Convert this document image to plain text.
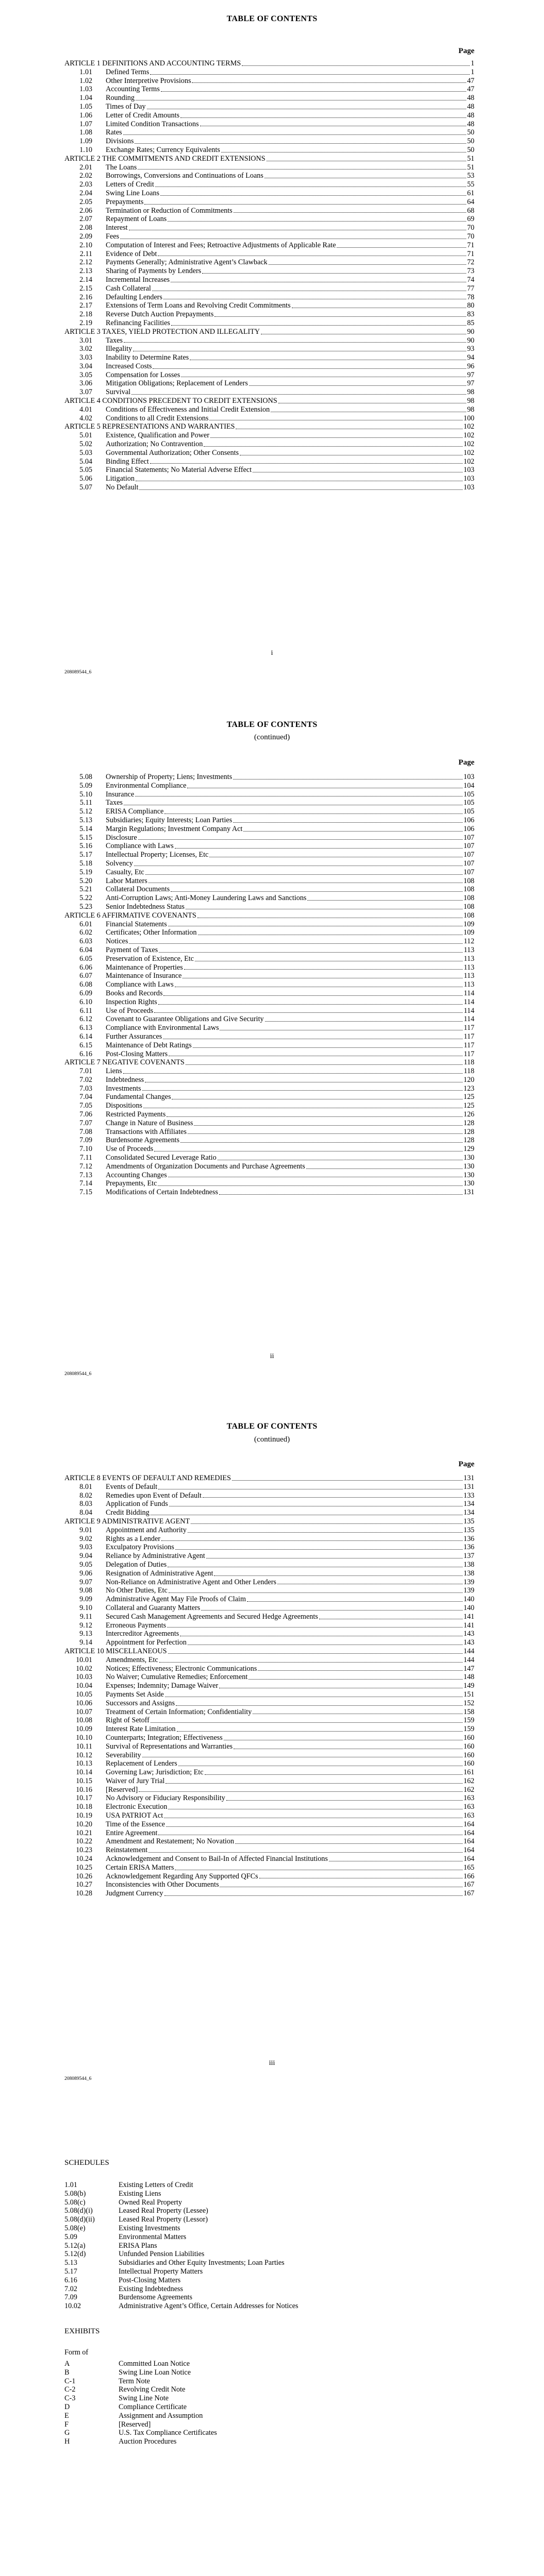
TABLE OF CONTENTS
Page
ARTICLE 1 DEFINITIONS AND ACCOUNTING TERMS	1
1.01 Defined Terms	1
1.02 Other Interpretive Provisions	47
1.03 Accounting Terms	47
1.04 Rounding	48
1.05 Times of Day	48
1.06 Letter of Credit Amounts	48
1.07 Limited Condition Transactions	48
1.08 Rates	50
1.09 Divisions	50
1.10 Exchange Rates; Currency Equivalents	50
ARTICLE 2 THE COMMITMENTS AND CREDIT EXTENSIONS	51
2.01 The Loans	51
2.02 Borrowings, Conversions and Continuations of Loans	53
2.03 Letters of Credit	55
2.04 Swing Line Loans	61
2.05 Prepayments	64
2.06 Termination or Reduction of Commitments	68
2.07 Repayment of Loans	69
2.08 Interest	70
2.09 Fees	70
2.10 Computation of Interest and Fees; Retroactive Adjustments of Applicable Rate	71
2.11 Evidence of Debt	71
2.12 Payments Generally; Administrative Agent’s Clawback	72
2.13 Sharing of Payments by Lenders	73
2.14 Incremental Increases	74
2.15 Cash Collateral	77
2.16 Defaulting Lenders	78
2.17 Extensions of Term Loans and Revolving Credit Commitments	80
2.18 Reverse Dutch Auction Prepayments	83
2.19 Refinancing Facilities	85
ARTICLE 3 TAXES, YIELD PROTECTION AND ILLEGALITY	90
3.01 Taxes	90
3.02 Illegality	93
3.03 Inability to Determine Rates	94
3.04 Increased Costs	96
3.05 Compensation for Losses	97
3.06 Mitigation Obligations; Replacement of Lenders	97
3.07 Survival	98
ARTICLE 4 CONDITIONS PRECEDENT TO CREDIT EXTENSIONS	98
4.01 Conditions of Effectiveness and Initial Credit Extension	98
4.02 Conditions to all Credit Extensions	100
ARTICLE 5 REPRESENTATIONS AND WARRANTIES	102
5.01 Existence, Qualification and Power	102
5.02 Authorization; No Contravention	102
5.03 Governmental Authorization; Other Consents	102
5.04 Binding Effect	102
5.05 Financial Statements; No Material Adverse Effect	103
5.06 Litigation	103
5.07 No Default	103
i
208089544_6
TABLE OF CONTENTS
(continued)
Page
5.08 Ownership of Property; Liens; Investments	103
5.09 Environmental Compliance	104
5.10 Insurance	105
5.11 Taxes	105
5.12 ERISA Compliance	105
5.13 Subsidiaries; Equity Interests; Loan Parties	106
5.14 Margin Regulations; Investment Company Act	106
5.15 Disclosure	107
5.16 Compliance with Laws	107
5.17 Intellectual Property; Licenses, Etc	107
5.18 Solvency	107
5.19 Casualty, Etc	107
5.20 Labor Matters	108
5.21 Collateral Documents	108
5.22 Anti-Corruption Laws; Anti-Money Laundering Laws and Sanctions	108
5.23 Senior Indebtedness Status	108
ARTICLE 6 AFFIRMATIVE COVENANTS	108
6.01 Financial Statements	109
6.02 Certificates; Other Information	109
6.03 Notices	112
6.04 Payment of Taxes	113
6.05 Preservation of Existence, Etc	113
6.06 Maintenance of Properties	113
6.07 Maintenance of Insurance	113
6.08 Compliance with Laws	113
6.09 Books and Records	114
6.10 Inspection Rights	114
6.11 Use of Proceeds	114
6.12 Covenant to Guarantee Obligations and Give Security	114
6.13 Compliance with Environmental Laws	117
6.14 Further Assurances	117
6.15 Maintenance of Debt Ratings	117
6.16 Post-Closing Matters	117
ARTICLE 7 NEGATIVE COVENANTS	118
7.01 Liens	118
7.02 Indebtedness	120
7.03 Investments	123
7.04 Fundamental Changes	125
7.05 Dispositions	125
7.06 Restricted Payments	126
7.07 Change in Nature of Business	128
7.08 Transactions with Affiliates	128
7.09 Burdensome Agreements	128
7.10 Use of Proceeds	129
7.11 Consolidated Secured Leverage Ratio	130
7.12 Amendments of Organization Documents and Purchase Agreements	130
7.13 Accounting Changes	130
7.14 Prepayments, Etc	130
7.15 Modifications of Certain Indebtedness	131
ii
208089544_6
TABLE OF CONTENTS
(continued)
Page
ARTICLE 8 EVENTS OF DEFAULT AND REMEDIES	131
8.01 Events of Default	131
8.02 Remedies upon Event of Default	133
8.03 Application of Funds	134
8.04 Credit Bidding	134
ARTICLE 9 ADMINISTRATIVE AGENT	135
9.01 Appointment and Authority	135
9.02 Rights as a Lender	136
9.03 Exculpatory Provisions	136
9.04 Reliance by Administrative Agent	137
9.05 Delegation of Duties	138
9.06 Resignation of Administrative Agent	138
9.07 Non-Reliance on Administrative Agent and Other Lenders	139
9.08 No Other Duties, Etc	139
9.09 Administrative Agent May File Proofs of Claim	140
9.10 Collateral and Guaranty Matters	140
9.11 Secured Cash Management Agreements and Secured Hedge Agreements	141
9.12 Erroneous Payments	141
9.13 Intercreditor Agreements	143
9.14 Appointment for Perfection	143
ARTICLE 10 MISCELLANEOUS	144
10.01 Amendments, Etc	144
10.02 Notices; Effectiveness; Electronic Communications	147
10.03 No Waiver; Cumulative Remedies; Enforcement	148
10.04 Expenses; Indemnity; Damage Waiver	149
10.05 Payments Set Aside	151
10.06 Successors and Assigns	152
10.07 Treatment of Certain Information; Confidentiality	158
10.08 Right of Setoff	159
10.09 Interest Rate Limitation	159
10.10 Counterparts; Integration; Effectiveness	160
10.11 Survival of Representations and Warranties	160
10.12 Severability	160
10.13 Replacement of Lenders	160
10.14 Governing Law; Jurisdiction; Etc	161
10.15 Waiver of Jury Trial	162
10.16 [Reserved]	162
10.17 No Advisory or Fiduciary Responsibility	163
10.18 Electronic Execution	163
10.19 USA PATRIOT Act	163
10.20 Time of the Essence	164
10.21 Entire Agreement	164
10.22 Amendment and Restatement; No Novation	164
10.23 Reinstatement	164
10.24 Acknowledgement and Consent to Bail-In of Affected Financial Institutions	164
10.25 Certain ERISA Matters	165
10.26 Acknowledgement Regarding Any Supported QFCs	166
10.27 Inconsistencies with Other Documents	167
10.28 Judgment Currency	167
iii
208089544_6
SCHEDULES
1.01	Existing Letters of Credit
5.08(b)	Existing Liens
5.08(c)	Owned Real Property
5.08(d)(i)	Leased Real Property (Lessee)
5.08(d)(ii)	Leased Real Property (Lessor)
5.08(e)	Existing Investments
5.09	Environmental Matters
5.12(a)	ERISA Plans
5.12(d)	Unfunded Pension Liabilities
5.13	Subsidiaries and Other Equity Investments; Loan Parties
5.17	Intellectual Property Matters
6.16	Post-Closing Matters
7.02	Existing Indebtedness
7.09	Burdensome Agreements
10.02	Administrative Agent’s Office, Certain Addresses for Notices
EXHIBITS
Form of
A	Committed Loan Notice
B	Swing Line Loan Notice
C-1	Term Note
C-2	Revolving Credit Note
C-3	Swing Line Note
D	Compliance Certificate
E	Assignment and Assumption
F	[Reserved]
G	U.S. Tax Compliance Certificates
H	Auction Procedures
